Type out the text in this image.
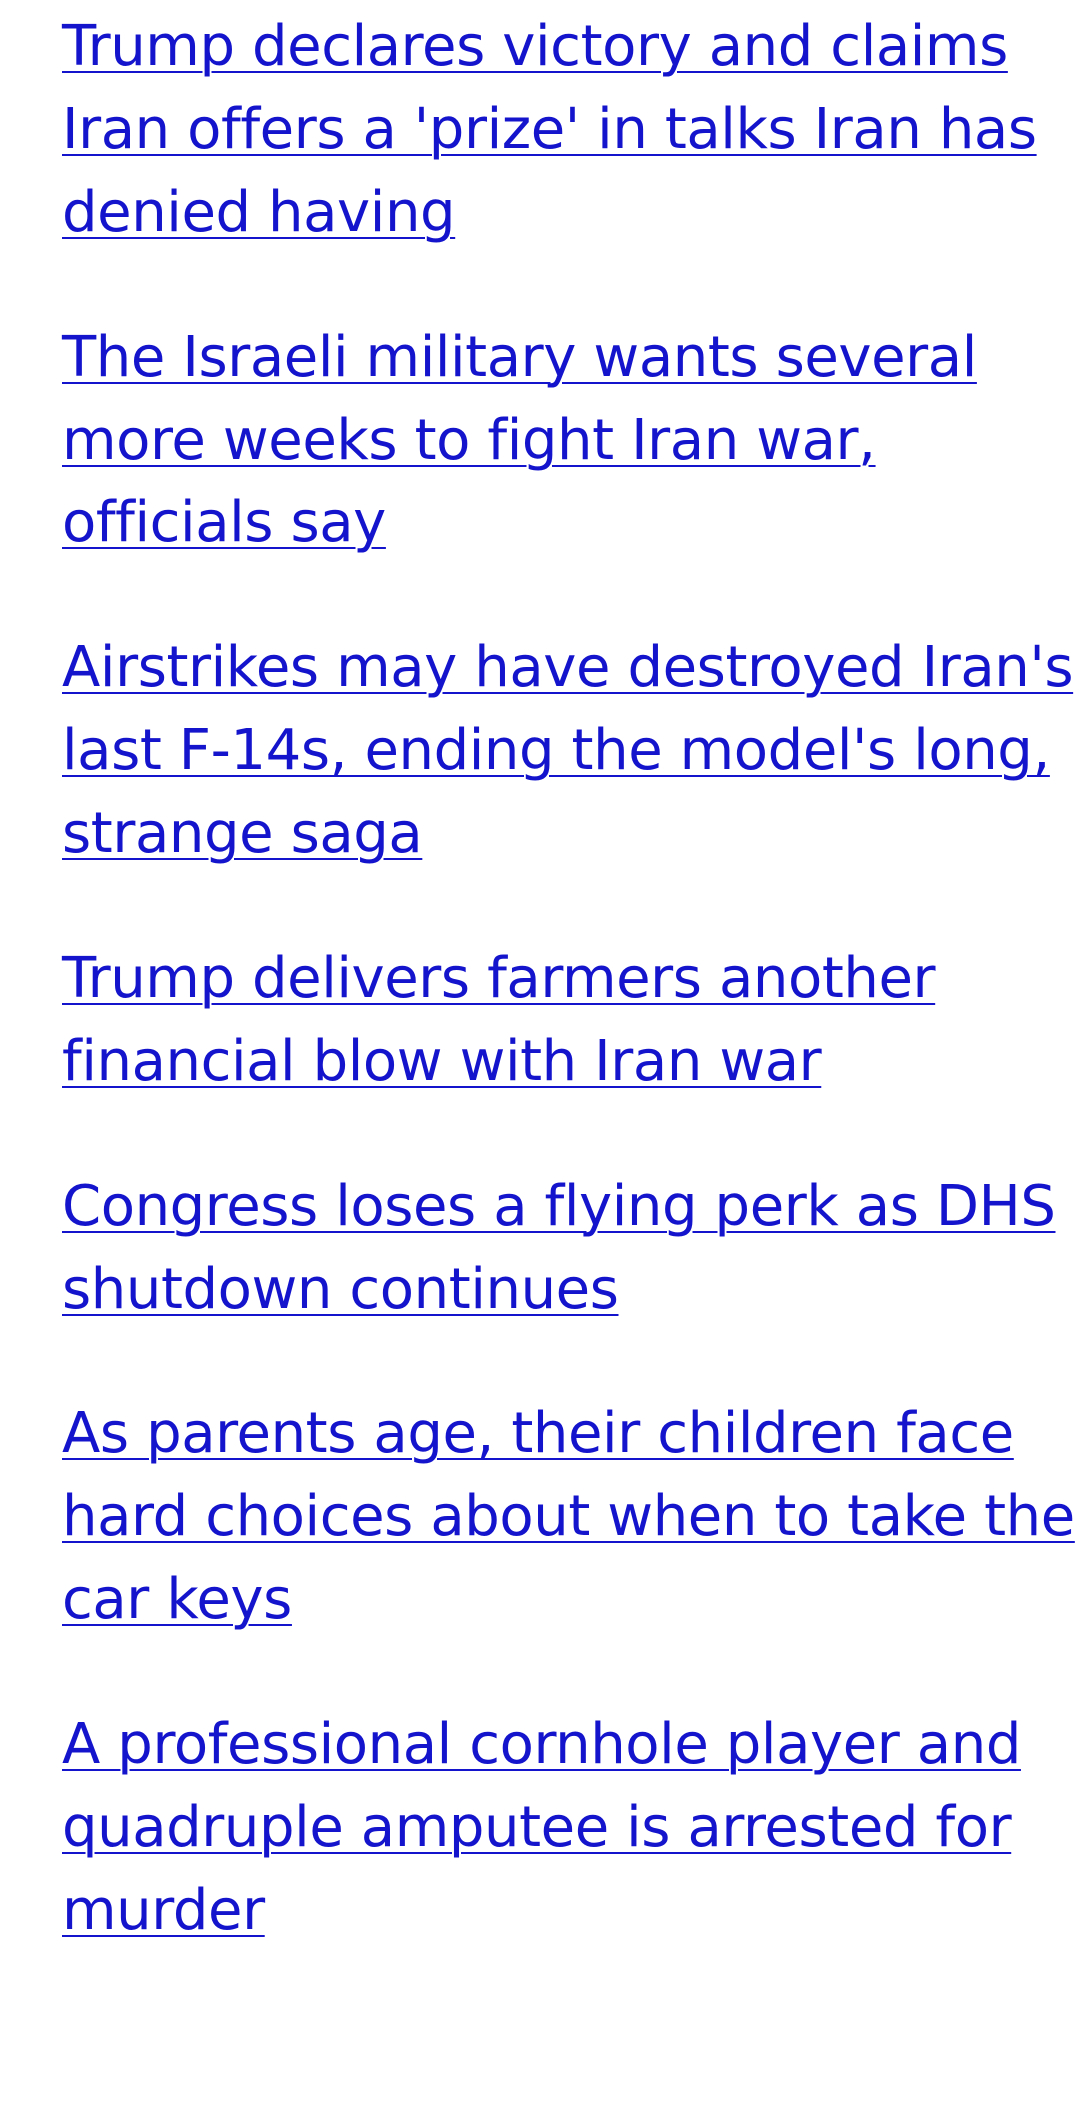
Trump declares victory and claims Iran offers a 'prize' in talks Iran has denied having
The Israeli military wants several more weeks to fight Iran war, officials say
Airstrikes may have destroyed Iran's last F-14s, ending the model's long, strange saga
Trump delivers farmers another financial blow with Iran war
Congress loses a flying perk as DHS shutdown continues
As parents age, their children face hard choices about when to take the car keys
A professional cornhole player and quadruple amputee is arrested for murder
